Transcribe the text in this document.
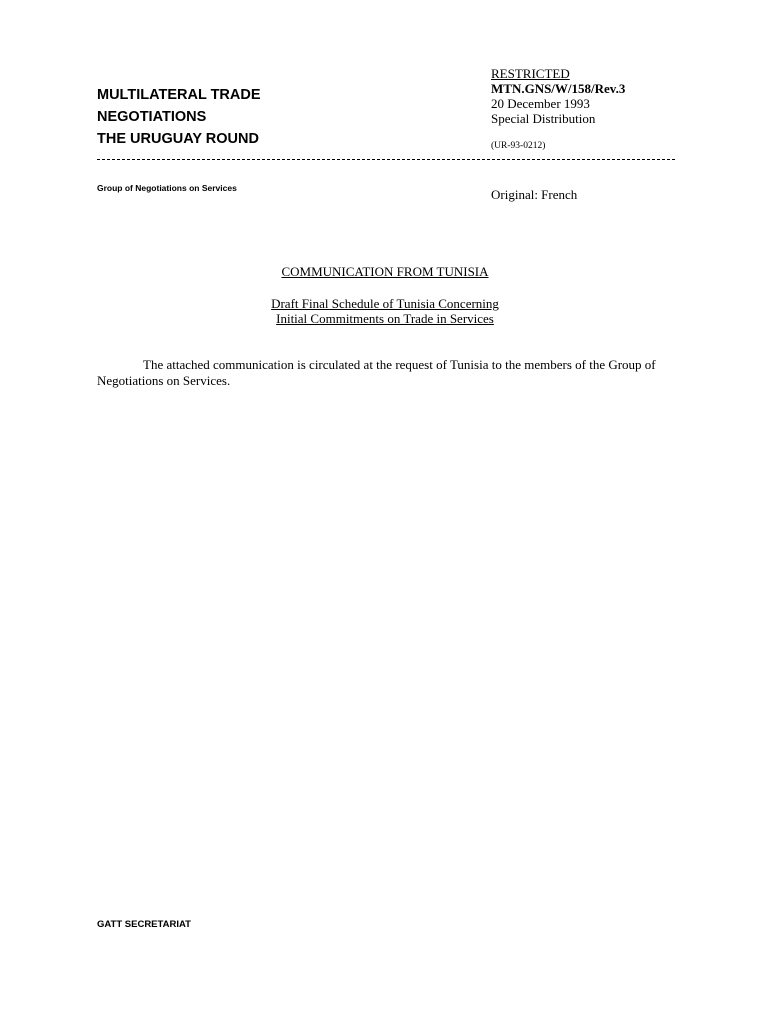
MULTILATERAL TRADE
NEGOTIATIONS
THE URUGUAY ROUND
RESTRICTED
MTN.GNS/W/158/Rev.3
20 December 1993
Special Distribution
(UR-93-0212)
Group of Negotiations on Services	Original: French
COMMUNICATION FROM TUNISIA
Draft Final Schedule of Tunisia Concerning
Initial Commitments on Trade in Services
The attached communication is circulated at the request of Tunisia to the members of the Group of Negotiations on Services.
GATT SECRETARIAT
